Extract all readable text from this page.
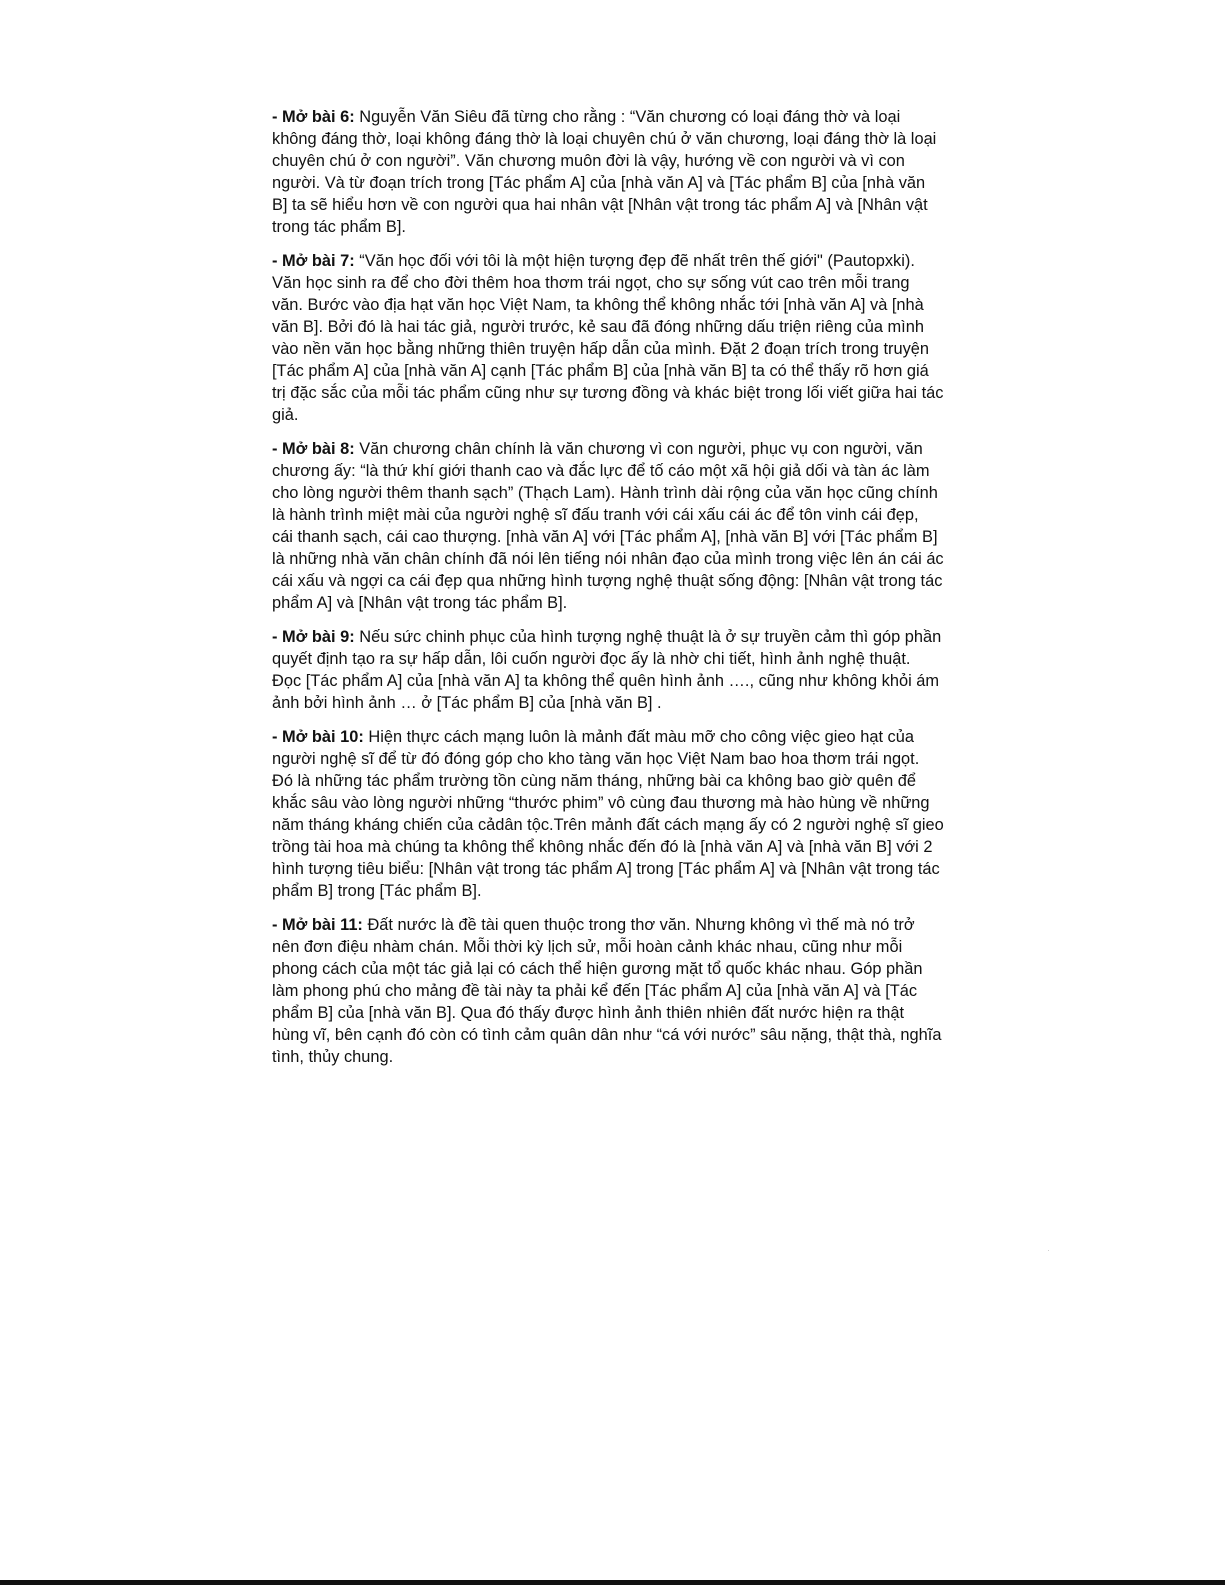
- Mở bài 6: Nguyễn Văn Siêu đã từng cho rằng : “Văn chương có loại đáng thờ và loại không đáng thờ, loại không đáng thờ là loại chuyên chú ở văn chương, loại đáng thờ là loại chuyên chú ở con người”. Văn chương muôn đời là vậy, hướng về con người và vì con người. Và từ đoạn trích trong [Tác phẩm A] của [nhà văn A] và [Tác phẩm B] của [nhà văn B] ta sẽ hiểu hơn về con người qua hai nhân vật [Nhân vật trong tác phẩm A] và [Nhân vật trong tác phẩm B].

- Mở bài 7: “Văn học đối với tôi là một hiện tượng đẹp đẽ nhất trên thế giới" (Pautopxki). Văn học sinh ra để cho đời thêm hoa thơm trái ngọt, cho sự sống vút cao trên mỗi trang văn. Bước vào địa hạt văn học Việt Nam, ta không thể không nhắc tới [nhà văn A] và [nhà văn B]. Bởi đó là hai tác giả, người trước, kẻ sau đã đóng những dấu triện riêng của mình vào nền văn học bằng những thiên truyện hấp dẫn của mình. Đặt 2 đoạn trích trong truyện [Tác phẩm A] của [nhà văn A] cạnh [Tác phẩm B] của [nhà văn B] ta có thể thấy rõ hơn giá trị đặc sắc của mỗi tác phẩm cũng như sự tương đồng và khác biệt trong lối viết giữa hai tác giả.

- Mở bài 8: Văn chương chân chính là văn chương vì con người, phục vụ con người, văn chương ấy: “là thứ khí giới thanh cao và đắc lực để tố cáo một xã hội giả dối và tàn ác làm cho lòng người thêm thanh sạch” (Thạch Lam). Hành trình dài rộng của văn học cũng chính là hành trình miệt mài của người nghệ sĩ đấu tranh với cái xấu cái ác để tôn vinh cái đẹp, cái thanh sạch, cái cao thượng. [nhà văn A] với [Tác phẩm A], [nhà văn B] với [Tác phẩm B] là những nhà văn chân chính đã nói lên tiếng nói nhân đạo của mình trong việc lên án cái ác cái xấu và ngợi ca cái đẹp qua những hình tượng nghệ thuật sống động: [Nhân vật trong tác phẩm A] và [Nhân vật trong tác phẩm B].

- Mở bài 9: Nếu sức chinh phục của hình tượng nghệ thuật là ở sự truyền cảm thì góp phần quyết định tạo ra sự hấp dẫn, lôi cuốn người đọc ấy là nhờ chi tiết, hình ảnh nghệ thuật. Đọc [Tác phẩm A] của [nhà văn A] ta không thể quên hình ảnh …., cũng như không khỏi ám ảnh bởi hình ảnh … ở [Tác phẩm B] của [nhà văn B] .

- Mở bài 10: Hiện thực cách mạng luôn là mảnh đất màu mỡ cho công việc gieo hạt của người nghệ sĩ để từ đó đóng góp cho kho tàng văn học Việt Nam bao hoa thơm trái ngọt. Đó là những tác phẩm trường tồn cùng năm tháng, những bài ca không bao giờ quên để khắc sâu vào lòng người những “thước phim” vô cùng đau thương mà hào hùng về những năm tháng kháng chiến của cảdân tộc.Trên mảnh đất cách mạng ấy có 2 người nghệ sĩ gieo trồng tài hoa mà chúng ta không thể không nhắc đến đó là [nhà văn A] và [nhà văn B] với 2 hình tượng tiêu biểu: [Nhân vật trong tác phẩm A] trong [Tác phẩm A] và [Nhân vật trong tác phẩm B] trong [Tác phẩm B].

- Mở bài 11: Đất nước là đề tài quen thuộc trong thơ văn. Nhưng không vì thế mà nó trở nên đơn điệu nhàm chán. Mỗi thời kỳ lịch sử, mỗi hoàn cảnh khác nhau, cũng như mỗi phong cách của một tác giả lại có cách thể hiện gương mặt tổ quốc khác nhau. Góp phần làm phong phú cho mảng đề tài này ta phải kể đến [Tác phẩm A] của [nhà văn A] và [Tác phẩm B] của [nhà văn B]. Qua đó thấy được hình ảnh thiên nhiên đất nước hiện ra thật hùng vĩ, bên cạnh đó còn có tình cảm quân dân như “cá với nước” sâu nặng, thật thà, nghĩa tình, thủy chung.
